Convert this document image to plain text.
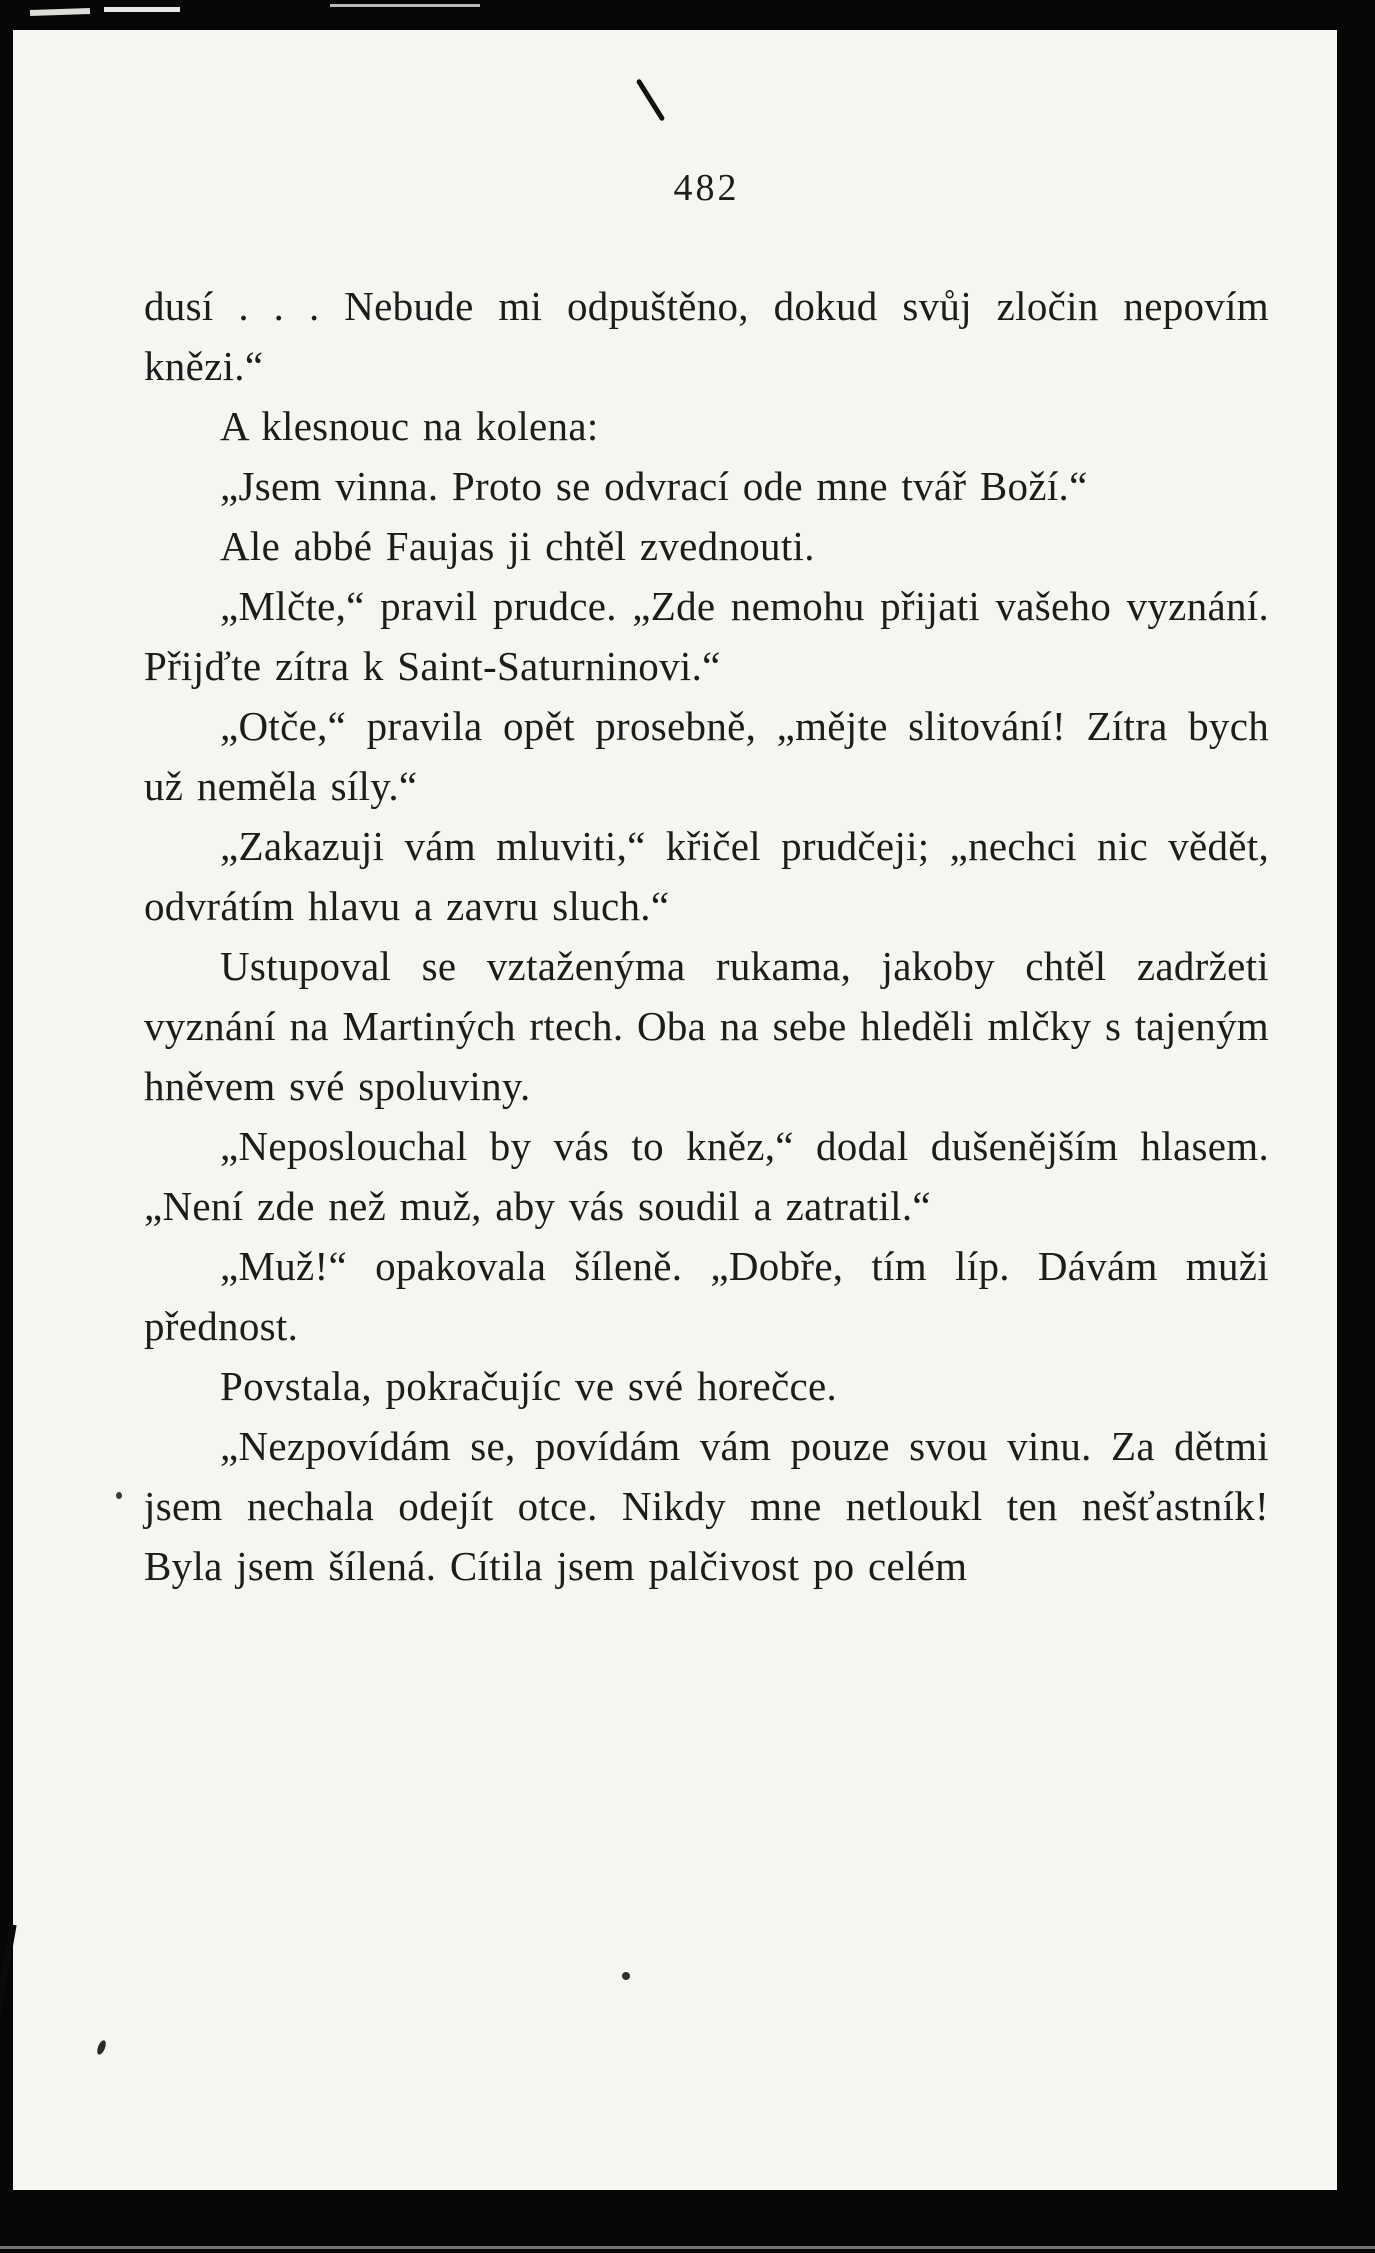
482

dusí . . . Nebude mi odpuštěno, dokud svůj zločin nepovím knězi.“

A klesnouc na kolena:

„Jsem vinna. Proto se odvrací ode mne tvář Boží.“

Ale abbé Faujas ji chtěl zvednouti.

„Mlčte,“ pravil prudce. „Zde nemohu přijati vašeho vyznání. Přijďte zítra k Saint-Saturninovi.“

„Otče,“ pravila opět prosebně, „mějte slitování! Zítra bych už neměla síly.“

„Zakazuji vám mluviti,“ křičel prudčeji; „nechci nic vědět, odvrátím hlavu a zavru sluch.“

Ustupoval se vztaženýma rukama, jakoby chtěl zadržeti vyznání na Martiných rtech. Oba na sebe hleděli mlčky s tajeným hněvem své spoluviny.

„Neposlouchal by vás to kněz,“ dodal dušenějším hlasem. „Není zde než muž, aby vás soudil a zatratil.“

„Muž!“ opakovala šíleně. „Dobře, tím líp. Dávám muži přednost.

Povstala, pokračujíc ve své horečce.

„Nezpovídám se, povídám vám pouze svou vinu. Za dětmi jsem nechala odejít otce. Nikdy mne netloukl ten nešťastník! Byla jsem šílená. Cítila jsem palčivost po celém
